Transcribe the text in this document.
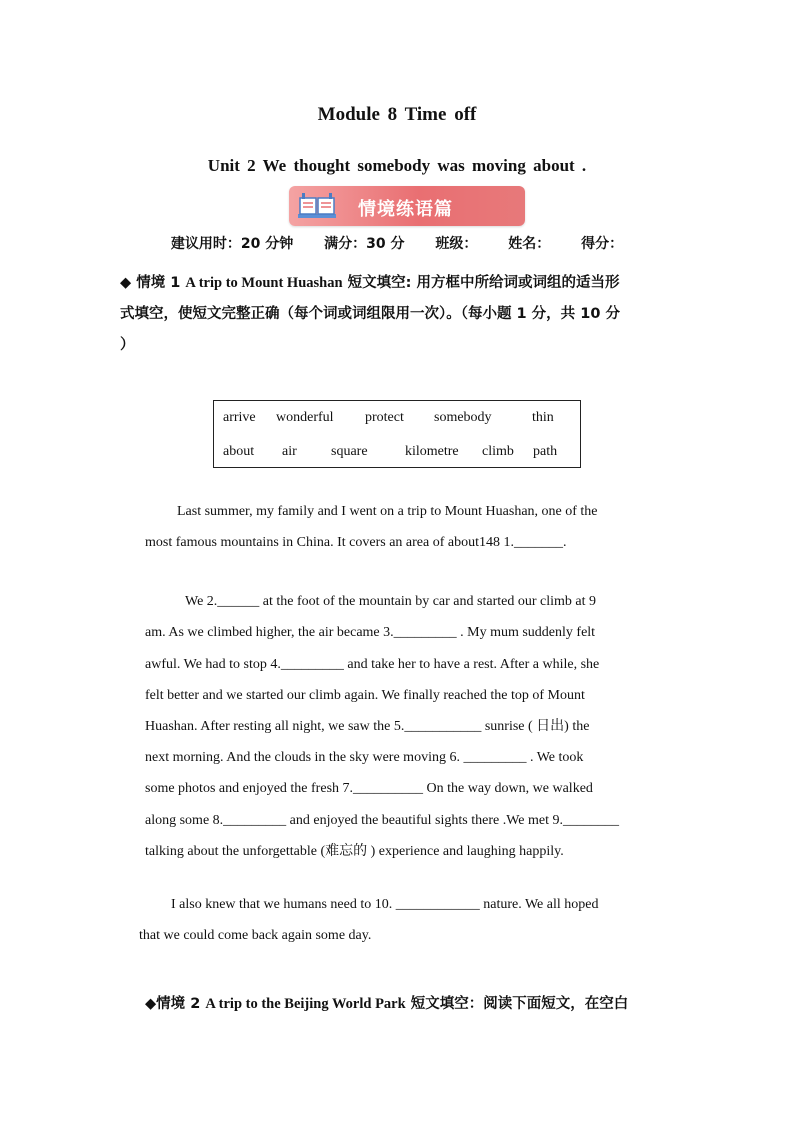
Module 8 Time off
Unit 2 We thought somebody was moving about .
情境练语篇
建议用时：20 分钟 满分：30 分 班级： 姓名： 得分：
◆ 情境 1 A trip to Mount Huashan 短文填空: 用方框中所给词或词组的适当形
式填空，使短文完整正确（每个词或词组限用一次）。（每小题 1 分，共 10 分
）
arrive wonderful protect somebody	thin
about air square	kilometre climb path
Last summer, my family and I went on a trip to Mount Huashan, one of the
most famous mountains in China. It covers an area of about148 1._______.
We 2.______ at the foot of the mountain by car and started our climb at 9
am. As we climbed higher, the air became 3._________ . My mum suddenly felt
awful. We had to stop 4._________ and take her to have a rest. After a while, she
felt better and we started our climb again. We finally reached the top of Mount
Huashan. After resting all night, we saw the 5.___________ sunrise ( 日出) the
next morning. And the clouds in the sky were moving 6. _________ . We took
some photos and enjoyed the fresh 7.__________ On the way down, we walked
along some 8._________ and enjoyed the beautiful sights there .We met 9.________
talking about the unforgettable (难忘的 ) experience and laughing happily.
I also knew that we humans need to 10. ____________ nature. We all hoped
that we could come back again some day.
◆情境 2 A trip to the Beijing World Park 短文填空：阅读下面短文，在空白
